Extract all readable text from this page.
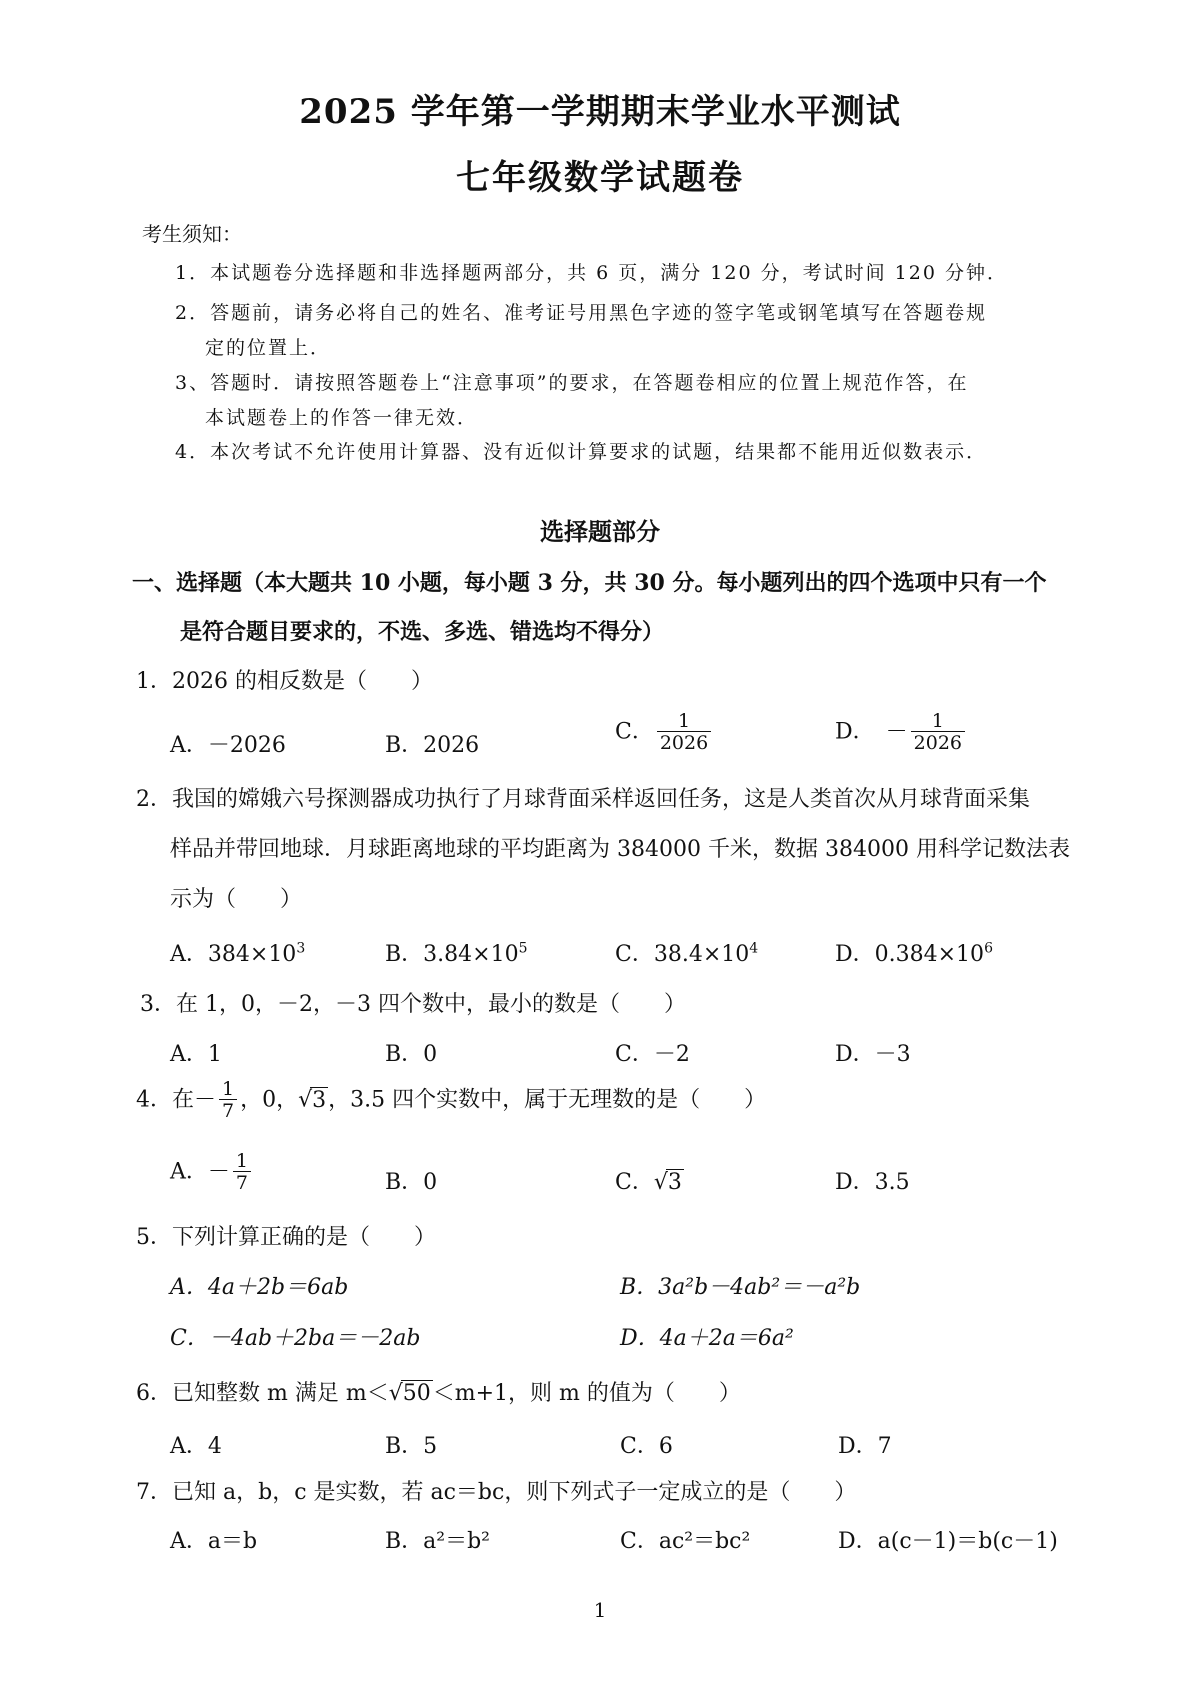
2025 学年第一学期期末学业水平测试
七年级数学试题卷
考生须知：
1．本试题卷分选择题和非选择题两部分，共 6 页，满分 120 分，考试时间 120 分钟．
2．答题前，请务必将自己的姓名、准考证号用黑色字迹的签字笔或钢笔填写在答题卷规
定的位置上．
3、答题时．请按照答题卷上“注意事项”的要求，在答题卷相应的位置上规范作答，在
本试题卷上的作答一律无效．
4．本次考试不允许使用计算器、没有近似计算要求的试题，结果都不能用近似数表示．
选择题部分
一、选择题（本大题共 10 小题，每小题 3 分，共 30 分。每小题列出的四个选项中只有一个
是符合题目要求的，不选、多选、错选均不得分）
1．2026 的相反数是（　　）
A．－2026	B．2026
C． $\frac{1}{2026}$	D．　－ $\frac{1}{2026}$
2．我国的嫦娥六号探测器成功执行了月球背面采样返回任务，这是人类首次从月球背面采集
样品并带回地球．月球距离地球的平均距离为 384000 千米，数据 384000 用科学记数法表
示为（　　）
A．$384\times 10^3$	B．$3.84\times 10^5$	C．$38.4\times 10^4$	D．$0.384\times 10^6$
3．在 1，0，－2，－3 四个数中，最小的数是（　　）
A．1	B．0	C．－2	D．－3
4．在－ $\frac{1}{7}$ ，0，√3，3.5 四个实数中，属于无理数的是（　　）
A．－ $\frac{1}{7}$	B．0	C．√3	D．3.5
5．下列计算正确的是（　　）
A．4a＋2b＝6ab	B．3a²b－4ab²＝－a²b
C．－4ab＋2ba＝－2ab	D．4a＋2a＝6a²
6．已知整数 m 满足 m＜√50＜m+1，则 m 的值为（　　）
A．4	B．5	C．6	D．7
7．已知 a，b，c 是实数，若 ac＝bc，则下列式子一定成立的是（　　）
A．a＝b	B．a²＝b²	C．ac²＝bc²	D．a(c－1)＝b(c－1)
1
